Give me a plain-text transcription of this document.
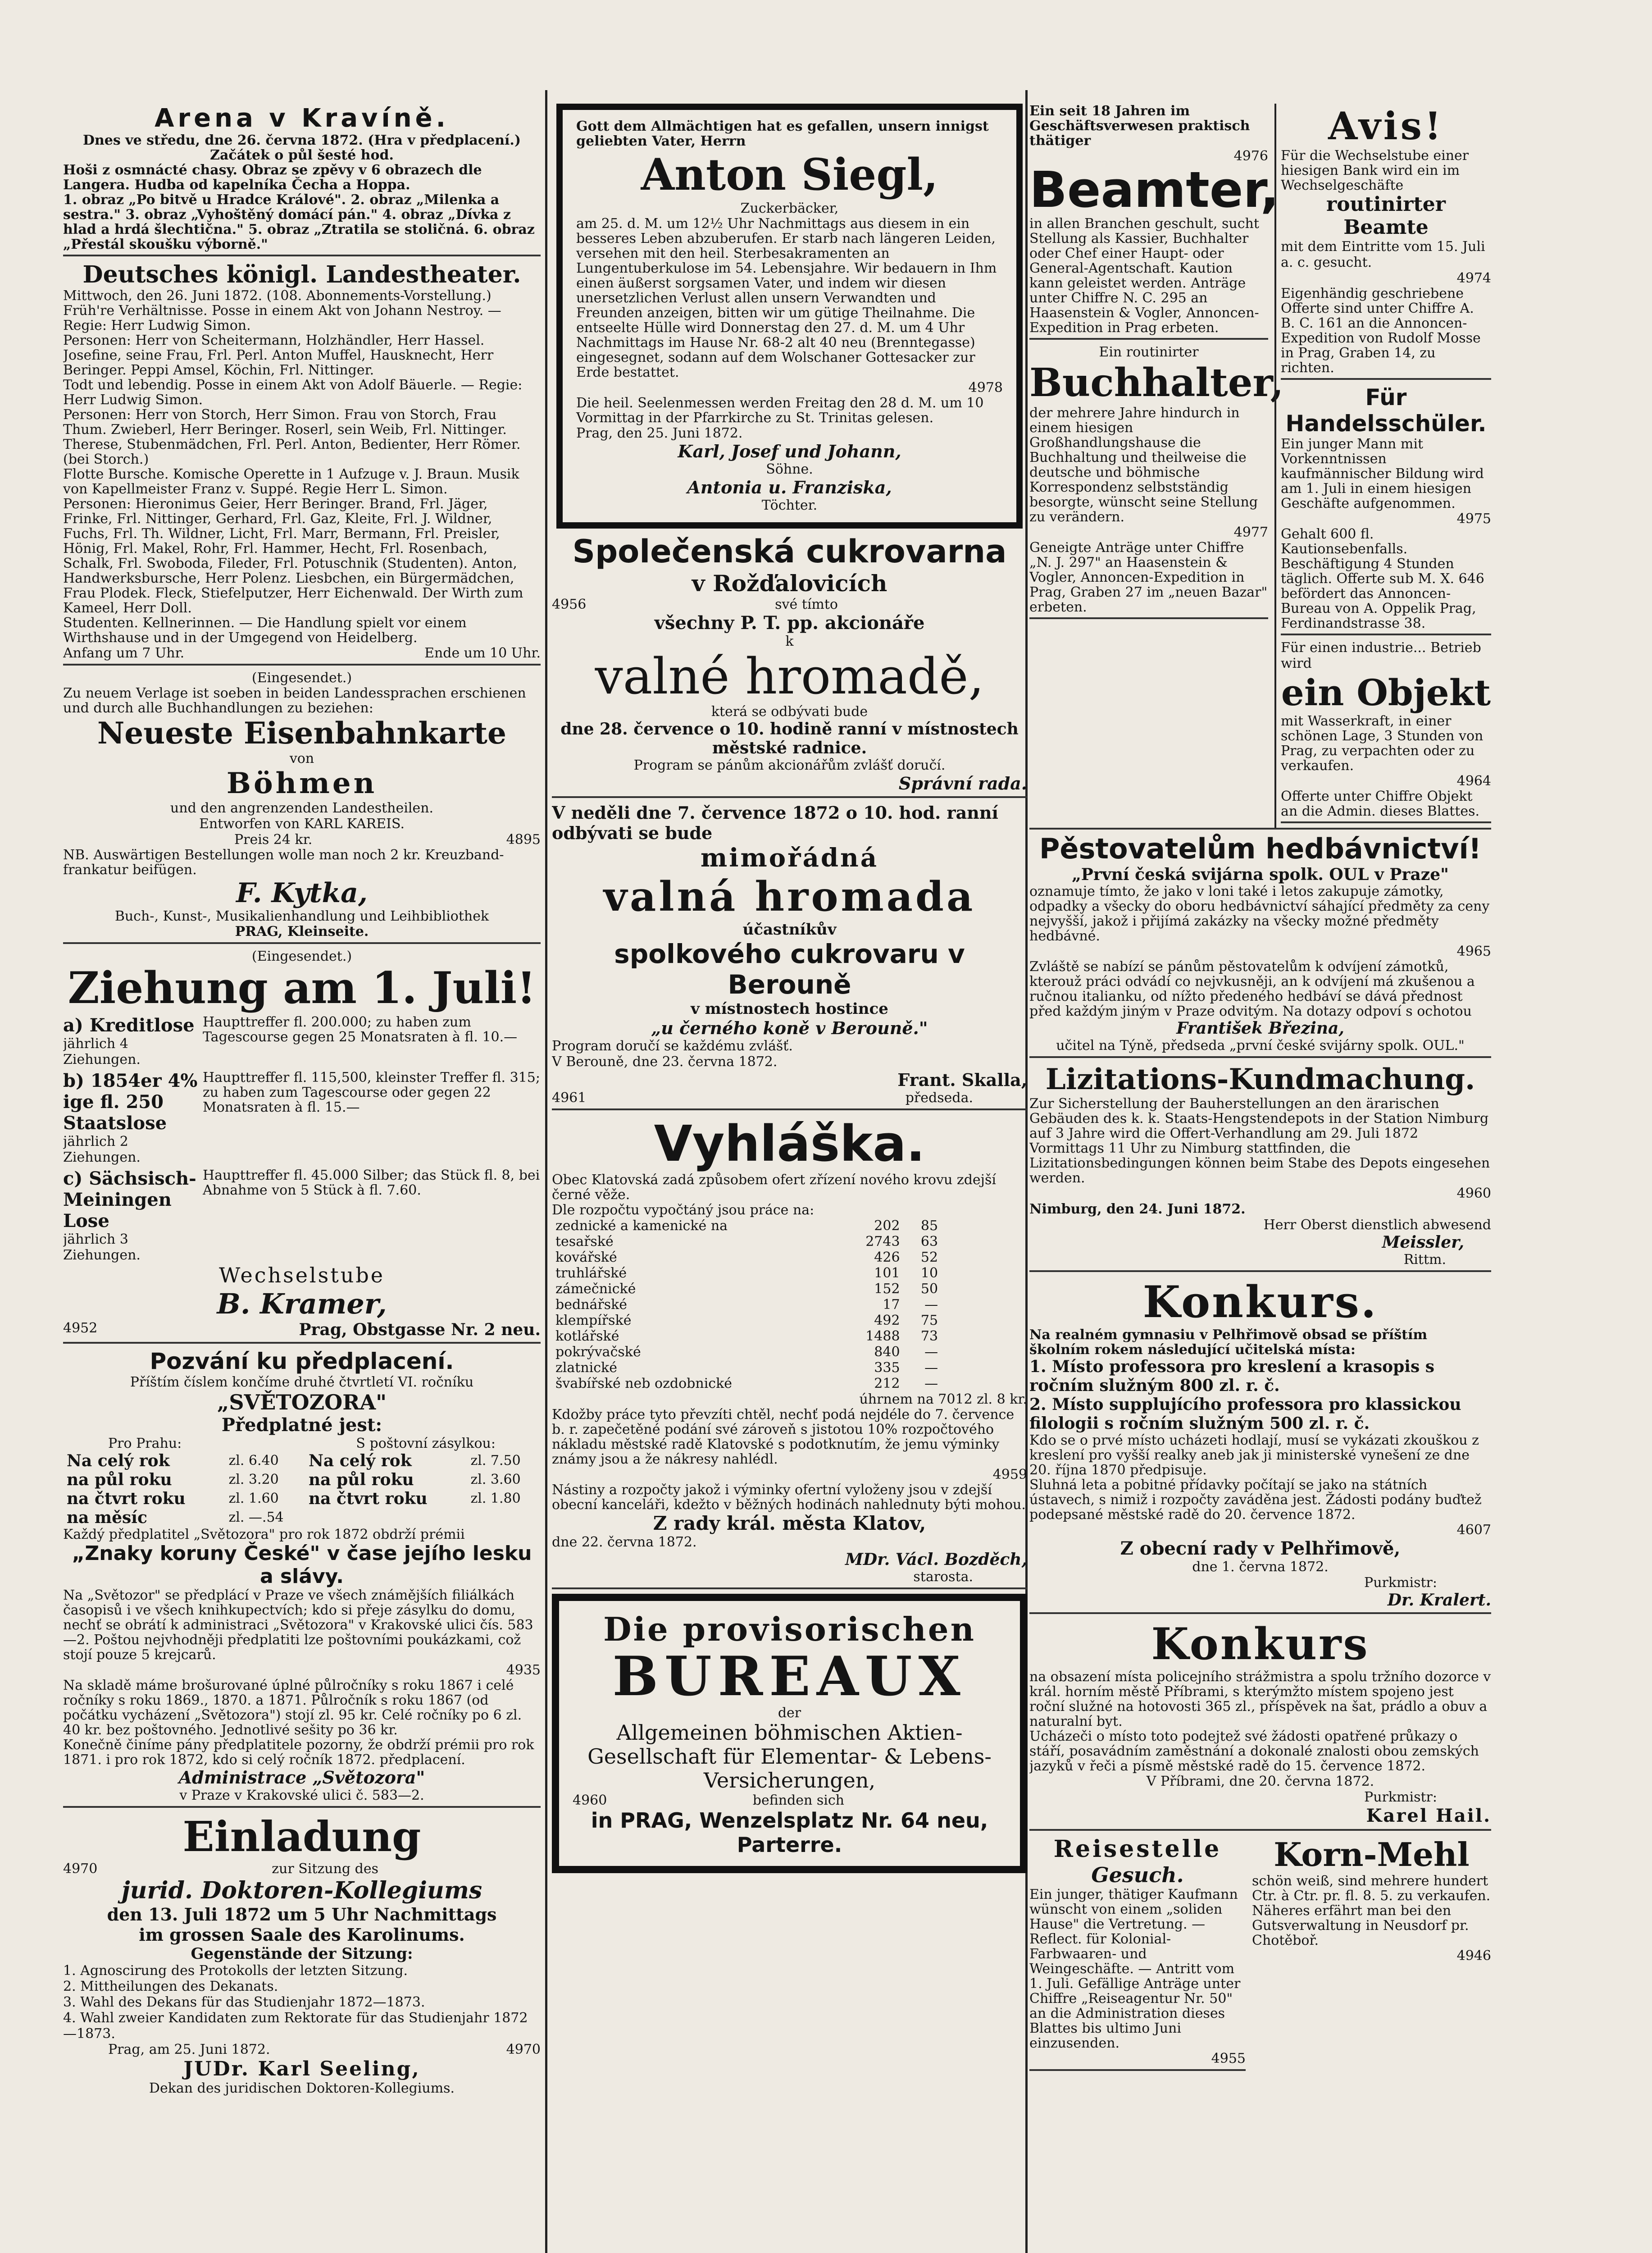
Arena v Kravíně.

Dnes ve středu, dne 26. června 1872. (Hra v předplacení.)

Začátek o půl šesté hod.

Hoši z osmnácté chasy. Obraz se zpěvy v 6 obrazech dle Langera. Hudba od kapelníka Čecha a Hoppa.

1. obraz „Po bitvě u Hradce Králové". 2. obraz „Milenka a sestra." 3. obraz „Vyhoštěný domácí pán." 4. obraz „Dívka z hlad a hrdá šlechtična." 5. obraz „Ztratila se stoličná. 6. obraz „Přestál skoušku výborně."

Deutsches königl. Landestheater.

Mittwoch, den 26. Juni 1872. (108. Abonnements-Vorstellung.)

Früh're Verhältnisse. Posse in einem Akt von Johann Nestroy. — Regie: Herr Ludwig Simon.

Personen: Herr von Scheitermann, Holzhändler, Herr Hassel. Josefine, seine Frau, Frl. Perl. Anton Muffel, Hausknecht, Herr Beringer. Peppi Amsel, Köchin, Frl. Nittinger.

Todt und lebendig. Posse in einem Akt von Adolf Bäuerle. — Regie: Herr Ludwig Simon.

Personen: Herr von Storch, Herr Simon. Frau von Storch, Frau Thum. Zwieberl, Herr Beringer. Roserl, sein Weib, Frl. Nittinger. Therese, Stubenmädchen, Frl. Perl. Anton, Bedienter, Herr Römer. (bei Storch.)

Flotte Bursche. Komische Operette in 1 Aufzuge v. J. Braun. Musik von Kapellmeister Franz v. Suppé. Regie Herr L. Simon.

Personen: Hieronimus Geier, Herr Beringer. Brand, Frl. Jäger, Frinke, Frl. Nittinger, Gerhard, Frl. Gaz, Kleite, Frl. J. Wildner, Fuchs, Frl. Th. Wildner, Licht, Frl. Marr, Bermann, Frl. Preisler, Hönig, Frl. Makel, Rohr, Frl. Hammer, Hecht, Frl. Rosenbach, Schalk, Frl. Swoboda, Fileder, Frl. Potuschnik (Studenten). Anton, Handwerksbursche, Herr Polenz. Liesbchen, ein Bürgermädchen, Frau Plodek. Fleck, Stiefelputzer, Herr Eichenwald. Der Wirth zum Kameel, Herr Doll.

Studenten. Kellnerinnen. — Die Handlung spielt vor einem Wirthshause und in der Umgegend von Heidelberg.

Anfang um 7 Uhr.	Ende um 10 Uhr.

(Eingesendet.)

Zu neuem Verlage ist soeben in beiden Landessprachen erschienen und durch alle Buchhandlungen zu beziehen:

Neueste Eisenbahnkarte

von

Böhmen

und den angrenzenden Landestheilen.

Entworfen von KARL KAREIS.

Preis 24 kr.	4895

NB. Auswärtigen Bestellungen wolle man noch 2 kr. Kreuzband-frankatur beifügen.

F. Kytka,

Buch-, Kunst-, Musikalienhandlung und Leihbibliothek

PRAG, Kleinseite.

(Eingesendet.)

Ziehung am 1. Juli!

a) Kreditlose

jährlich 4 Ziehungen.

Haupttreffer fl. 200.000; zu haben zum Tagescourse gegen 25 Monatsraten à fl. 10.—

b) 1854er 4% ige fl. 250 Staatslose

jährlich 2 Ziehungen.

Haupttreffer fl. 115,500, kleinster Treffer fl. 315; zu haben zum Tagescourse oder gegen 22 Monatsraten à fl. 15.—

c) Sächsisch-Meiningen Lose

jährlich 3 Ziehungen.

Haupttreffer fl. 45.000 Silber; das Stück fl. 8, bei Abnahme von 5 Stück à fl. 7.60.

Wechselstube

B. Kramer,

4952	Prag, Obstgasse Nr. 2 neu.

Pozvání ku předplacení.

Příštím číslem končíme druhé čtvrtletí VI. ročníku

„SVĚTOZORA"

Předplatné jest:

Pro Prahu:	S poštovní zásylkou:
Na celý rok	zl. 6.40	Na celý rok	zl. 7.50
na půl roku	zl. 3.20	na půl roku	zl. 3.60
na čtvrt roku	zl. 1.60	na čtvrt roku	zl. 1.80
na měsíc	zl. —.54		

Každý předplatitel „Světozora" pro rok 1872 obdrží prémii

„Znaky koruny České" v čase jejího lesku a slávy.

Na „Světozor" se předplácí v Praze ve všech známějších filiálkách časopisů i ve všech knihkupectvích; kdo si přeje zásylku do domu, nechť se obrátí k administraci „Světozora" v Krakovské ulici čís. 583—2. Poštou nejvhodněji předplatiti lze poštovními poukázkami, což stojí pouze 5 krejcarů.

4935

Na skladě máme brošurované úplné půlročníky s roku 1867 i celé ročníky s roku 1869., 1870. a 1871. Půlročník s roku 1867 (od počátku vycházení „Světozora") stojí zl. 95 kr. Celé ročníky po 6 zl. 40 kr. bez poštovného. Jednotlivé sešity po 36 kr.

Konečně činíme pány předplatitele pozorny, že obdrží prémii pro rok 1871. i pro rok 1872, kdo si celý ročník 1872. předplacení.

Administrace „Světozora"

v Praze v Krakovské ulici č. 583—2.

Einladung

4970	zur Sitzung des

jurid. Doktoren-Kollegiums

den 13. Juli 1872 um 5 Uhr Nachmittags

im grossen Saale des Karolinums.

Gegenstände der Sitzung:

1. Agnoscirung des Protokolls der letzten Sitzung.

2. Mittheilungen des Dekanats.

3. Wahl des Dekans für das Studienjahr 1872—1873.

4. Wahl zweier Kandidaten zum Rektorate für das Studienjahr 1872—1873.

Prag, am 25. Juni 1872.	4970

JUDr. Karl Seeling,

Dekan des juridischen Doktoren-Kollegiums.

Gott dem Allmächtigen hat es gefallen, unsern innigst geliebten Vater, Herrn

Anton Siegl,

Zuckerbäcker,

am 25. d. M. um 12½ Uhr Nachmittags aus diesem in ein besseres Leben abzuberufen. Er starb nach längeren Leiden, versehen mit den heil. Sterbesakramenten an Lungentuberkulose im 54. Lebensjahre. Wir bedauern in Ihm einen äußerst sorgsamen Vater, und indem wir diesen unersetzlichen Verlust allen unsern Verwandten und Freunden anzeigen, bitten wir um gütige Theilnahme. Die entseelte Hülle wird Donnerstag den 27. d. M. um 4 Uhr Nachmittags im Hause Nr. 68-2 alt 40 neu (Brenntegasse) eingesegnet, sodann auf dem Wolschaner Gottesacker zur Erde bestattet.

4978

Die heil. Seelenmessen werden Freitag den 28 d. M. um 10 Vormittag in der Pfarrkirche zu St. Trinitas gelesen.

Prag, den 25. Juni 1872.

Karl, Josef und Johann,

Söhne.

Antonia u. Franziska,

Töchter.

Společenská cukrovarna

v Rožďalovicích

4956	své tímto

všechny P. T. pp. akcionáře

k

valné hromadě,

která se odbývati bude

dne 28. července o 10. hodině ranní v místnostech městské radnice.

Program se pánům akcionářům zvlášť doručí.

Správní rada.

V neděli dne 7. července 1872 o 10. hod. ranní odbývati se bude

mimořádná

valná hromada

účastníkův

spolkového cukrovaru v Berouně

v místnostech hostince

„u černého koně v Berouně."

Program doručí se každému zvlášť.

V Berouně, dne 23. června 1872.

Frant. Skalla,

4961	předseda.

Vyhláška.

Obec Klatovská zadá způsobem ofert zřízení nového krovu zdejší černé věže.

Dle rozpočtu vypočtáný jsou práce na:

zednické a kamenické na	202	85
tesařské	2743	63
kovářské	426	52
truhlářské	101	10
zámečnické	152	50
bednářské	17	—
klempířské	492	75
kotlářské	1488	73
pokrývačské	840	—
zlatnické	335	—
švabířské neb ozdobnické	212	—

úhrnem na 7012 zl. 8 kr.

Kdožby práce tyto převzíti chtěl, nechť podá nejdéle do 7. července b. r. zapečetěné podání své zároveň s jistotou 10% rozpočtového nákladu městské radě Klatovské s podotknutím, že jemu výminky známy jsou a že nákresy nahlédl.

4959

Nástiny a rozpočty jakož i výminky ofertní vyloženy jsou v zdejší obecní kanceláři, kdežto v běžných hodinách nahlednuty býti mohou.

Z rady král. města Klatov,

dne 22. června 1872.

MDr. Václ. Bozděch,

starosta.

Die provisorischen

BUREAUX

der

Allgemeinen böhmischen Aktien-Gesellschaft für Elementar- & Lebens-Versicherungen,

4960	befinden sich

in PRAG, Wenzelsplatz Nr. 64 neu, Parterre.

Ein seit 18 Jahren im Geschäftsverwesen praktisch thätiger

4976

Beamter,

in allen Branchen geschult, sucht Stellung als Kassier, Buchhalter oder Chef einer Haupt- oder General-Agentschaft. Kaution kann geleistet werden. Anträge unter Chiffre N. C. 295 an Haasenstein & Vogler, Annoncen-Expedition in Prag erbeten.

Ein routinirter

Buchhalter,

der mehrere Jahre hindurch in einem hiesigen Großhandlungshause die Buchhaltung und theilweise die deutsche und böhmische Korrespondenz selbstständig besorgte, wünscht seine Stellung zu verändern.

4977

Geneigte Anträge unter Chiffre „N. J. 297" an Haasenstein & Vogler, Annoncen-Expedition in Prag, Graben 27 im „neuen Bazar" erbeten.

Avis!

Für die Wechselstube einer hiesigen Bank wird ein im Wechselgeschäfte

routinirter Beamte

mit dem Eintritte vom 15. Juli a. c. gesucht.

4974

Eigenhändig geschriebene Offerte sind unter Chiffre A. B. C. 161 an die Annoncen-Expedition von Rudolf Mosse in Prag, Graben 14, zu richten.

Für Handelsschüler.

Ein junger Mann mit Vorkenntnissen kaufmännischer Bildung wird am 1. Juli in einem hiesigen Geschäfte aufgenommen.

4975

Gehalt 600 fl. Kautionsebenfalls. Beschäftigung 4 Stunden täglich. Offerte sub M. X. 646 befördert das Annoncen-Bureau von A. Oppelik Prag, Ferdinandstrasse 38.

Für einen industrie... Betrieb wird

ein Objekt

mit Wasserkraft, in einer schönen Lage, 3 Stunden von Prag, zu verpachten oder zu verkaufen.

4964

Offerte unter Chiffre Objekt an die Admin. dieses Blattes.

Pěstovatelům hedbávnictví!

„První česká svijárna spolk. OUL v Praze"

oznamuje tímto, že jako v loni také i letos zakupuje zámotky, odpadky a všecky do oboru hedbávnictví sáhající předměty za ceny nejvyšší, jakož i přijímá zakázky na všecky možné předměty hedbávné.

4965

Zvláště se nabízí se pánům pěstovatelům k odvíjení zámotků, kterouž práci odvádí co nejvkusněji, an k odvíjení má zkušenou a ručnou italianku, od nížto předeného hedbáví se dává přednost před každým jiným v Praze odvitým. Na dotazy odpoví s ochotou

František Březina,

učitel na Týně, předseda „první české svijárny spolk. OUL."

Lizitations-Kundmachung.

Zur Sicherstellung der Bauherstellungen an den ärarischen Gebäuden des k. k. Staats-Hengstendepots in der Station Nimburg auf 3 Jahre wird die Offert-Verhandlung am 29. Juli 1872 Vormittags 11 Uhr zu Nimburg stattfinden, die Lizitationsbedingungen können beim Stabe des Depots eingesehen werden.

4960

Nimburg, den 24. Juni 1872.

Herr Oberst dienstlich abwesend

Meissler,

Rittm.

Konkurs.

Na realném gymnasiu v Pelhřimově obsad se příštím školním rokem následující učitelská místa:

1. Místo professora pro kreslení a krasopis s ročním služným 800 zl. r. č.

2. Místo supplujícího professora pro klassickou filologii s ročním služným 500 zl. r. č.

Kdo se o prvé místo ucházeti hodlají, musí se vykázati zkouškou z kreslení pro vyšší realky aneb jak ji ministerské vynešení ze dne 20. října 1870 předpisuje.

Sluhná leta a pobitné přídavky počítají se jako na státních ústavech, s nimiž i rozpočty zaváděna jest. Žádosti podány buďtež podepsané městské radě do 20. července 1872.

4607

Z obecní rady v Pelhřimově,

dne 1. června 1872.

Purkmistr:

Dr. Kralert.

Konkurs

na obsazení místa policejního strážmistra a spolu tržního dozorce v král. horním městě Příbrami, s kterýmžto místem spojeno jest roční služné na hotovosti 365 zl., příspěvek na šat, prádlo a obuv a naturalní byt.

Ucházeči o místo toto podejtež své žádosti opatřené průkazy o stáří, posavádním zaměstnání a dokonalé znalosti obou zemských jazyků v řeči a písmě městské radě do 15. července 1872.

V Příbrami, dne 20. června 1872.

Purkmistr:

Karel Hail.

Reisestelle

Gesuch.

Ein junger, thätiger Kaufmann wünscht von einem „soliden Hause" die Vertretung. — Reflect. für Kolonial-Farbwaaren- und Weingeschäfte. — Antritt vom 1. Juli. Gefällige Anträge unter Chiffre „Reiseagentur Nr. 50" an die Administration dieses Blattes bis ultimo Juni einzusenden.

4955

Korn-Mehl

schön weiß, sind mehrere hundert Ctr. à Ctr. pr. fl. 8. 5. zu verkaufen. Näheres erfährt man bei den Gutsverwaltung in Neusdorf pr. Chotěboř.

4946
